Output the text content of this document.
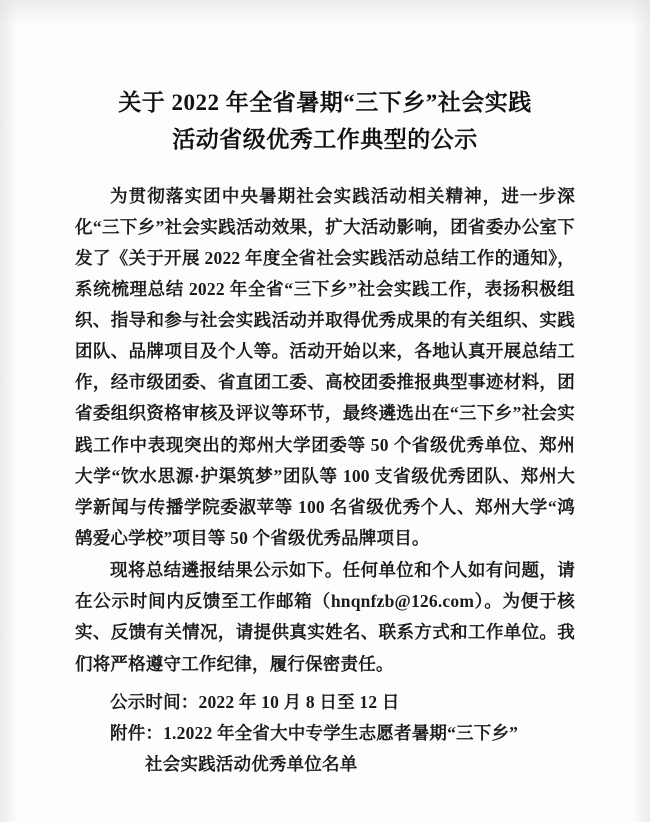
关于 2022 年全省暑期“三下乡”社会实践
活动省级优秀工作典型的公示

为贯彻落实团中央暑期社会实践活动相关精神，进一步深化“三下乡”社会实践活动效果，扩大活动影响，团省委办公室下发了《关于开展 2022 年度全省社会实践活动总结工作的通知》，系统梳理总结 2022 年全省“三下乡”社会实践工作，表扬积极组织、指导和参与社会实践活动并取得优秀成果的有关组织、实践团队、品牌项目及个人等。活动开始以来，各地认真开展总结工作，经市级团委、省直团工委、高校团委推报典型事迹材料，团省委组织资格审核及评议等环节，最终遴选出在“三下乡”社会实践工作中表现突出的郑州大学团委等 50 个省级优秀单位、郑州大学“饮水思源·护渠筑梦”团队等 100 支省级优秀团队、郑州大学新闻与传播学院委淑苹等 100 名省级优秀个人、郑州大学“鸿鹄爱心学校”项目等 50 个省级优秀品牌项目。

现将总结遴报结果公示如下。任何单位和个人如有问题，请在公示时间内反馈至工作邮箱（hnqnfzb@126.com）。为便于核实、反馈有关情况，请提供真实姓名、联系方式和工作单位。我们将严格遵守工作纪律，履行保密责任。

公示时间：2022 年 10 月 8 日至 12 日

附件：1.2022 年全省大中专学生志愿者暑期“三下乡”

社会实践活动优秀单位名单
